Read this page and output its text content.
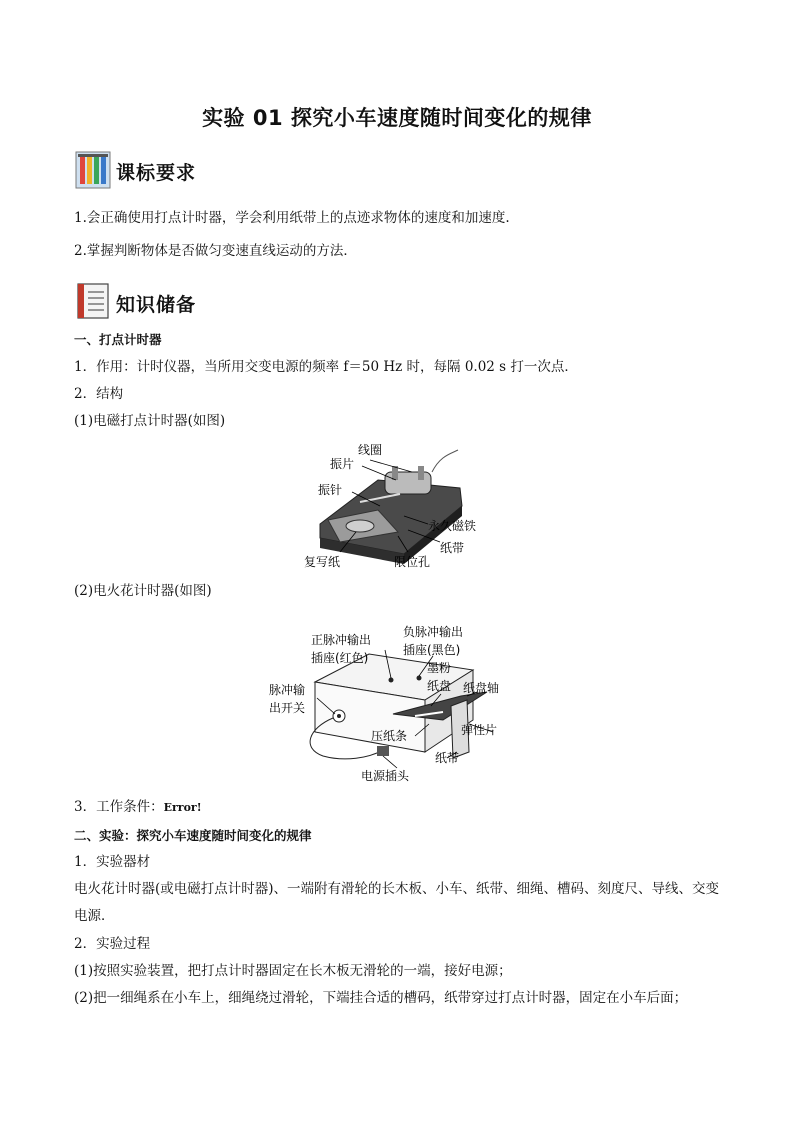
实验 01 探究小车速度随时间变化的规律
课标要求
1.会正确使用打点计时器，学会利用纸带上的点迹求物体的速度和加速度.
2.掌握判断物体是否做匀变速直线运动的方法．
知识储备
一、打点计时器
1．作用：计时仪器，当所用交变电源的频率 f＝50 Hz 时，每隔 0.02 s 打一次点．
2．结构
(1)电磁打点计时器(如图)
线圈
振片
振针
永久磁铁
纸带
复写纸	限位孔
(2)电火花计时器(如图)
正脉冲输出
插座(红色)
负脉冲输出
插座(黑色)
墨粉
纸盘 纸盘轴
脉冲输
出开关
弹性片
压纸条
纸带
电源插头
3．工作条件：Error!
二、实验：探究小车速度随时间变化的规律
1．实验器材
电火花计时器(或电磁打点计时器)、一端附有滑轮的长木板、小车、纸带、细绳、槽码、刻度尺、导线、交变电源．
2．实验过程
(1)按照实验装置，把打点计时器固定在长木板无滑轮的一端，接好电源；
(2)把一细绳系在小车上，细绳绕过滑轮，下端挂合适的槽码，纸带穿过打点计时器，固定在小车后面；
